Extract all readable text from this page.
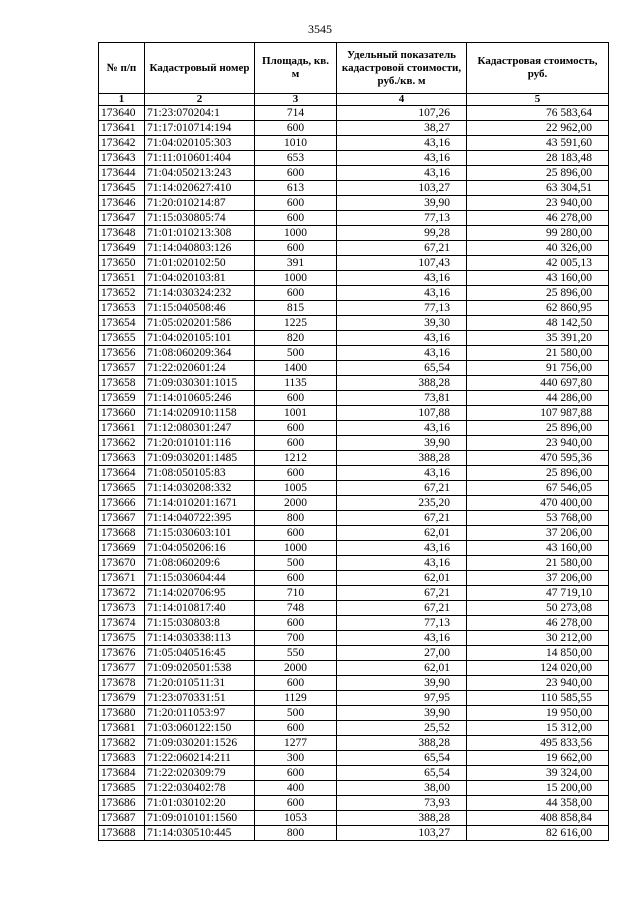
3545
№ п/п	Кадастровый номер	Площадь, кв. м	Удельный показатель кадастровой стоимости, руб./кв. м	Кадастровая стоимость, руб.
1	2	3	4	5
173640	71:23:070204:1	714	107,26	76 583,64
173641	71:17:010714:194	600	38,27	22 962,00
173642	71:04:020105:303	1010	43,16	43 591,60
173643	71:11:010601:404	653	43,16	28 183,48
173644	71:04:050213:243	600	43,16	25 896,00
173645	71:14:020627:410	613	103,27	63 304,51
173646	71:20:010214:87	600	39,90	23 940,00
173647	71:15:030805:74	600	77,13	46 278,00
173648	71:01:010213:308	1000	99,28	99 280,00
173649	71:14:040803:126	600	67,21	40 326,00
173650	71:01:020102:50	391	107,43	42 005,13
173651	71:04:020103:81	1000	43,16	43 160,00
173652	71:14:030324:232	600	43,16	25 896,00
173653	71:15:040508:46	815	77,13	62 860,95
173654	71:05:020201:586	1225	39,30	48 142,50
173655	71:04:020105:101	820	43,16	35 391,20
173656	71:08:060209:364	500	43,16	21 580,00
173657	71:22:020601:24	1400	65,54	91 756,00
173658	71:09:030301:1015	1135	388,28	440 697,80
173659	71:14:010605:246	600	73,81	44 286,00
173660	71:14:020910:1158	1001	107,88	107 987,88
173661	71:12:080301:247	600	43,16	25 896,00
173662	71:20:010101:116	600	39,90	23 940,00
173663	71:09:030201:1485	1212	388,28	470 595,36
173664	71:08:050105:83	600	43,16	25 896,00
173665	71:14:030208:332	1005	67,21	67 546,05
173666	71:14:010201:1671	2000	235,20	470 400,00
173667	71:14:040722:395	800	67,21	53 768,00
173668	71:15:030603:101	600	62,01	37 206,00
173669	71:04:050206:16	1000	43,16	43 160,00
173670	71:08:060209:6	500	43,16	21 580,00
173671	71:15:030604:44	600	62,01	37 206,00
173672	71:14:020706:95	710	67,21	47 719,10
173673	71:14:010817:40	748	67,21	50 273,08
173674	71:15:030803:8	600	77,13	46 278,00
173675	71:14:030338:113	700	43,16	30 212,00
173676	71:05:040516:45	550	27,00	14 850,00
173677	71:09:020501:538	2000	62,01	124 020,00
173678	71:20:010511:31	600	39,90	23 940,00
173679	71:23:070331:51	1129	97,95	110 585,55
173680	71:20:011053:97	500	39,90	19 950,00
173681	71:03:060122:150	600	25,52	15 312,00
173682	71:09:030201:1526	1277	388,28	495 833,56
173683	71:22:060214:211	300	65,54	19 662,00
173684	71:22:020309:79	600	65,54	39 324,00
173685	71:22:030402:78	400	38,00	15 200,00
173686	71:01:030102:20	600	73,93	44 358,00
173687	71:09:010101:1560	1053	388,28	408 858,84
173688	71:14:030510:445	800	103,27	82 616,00
